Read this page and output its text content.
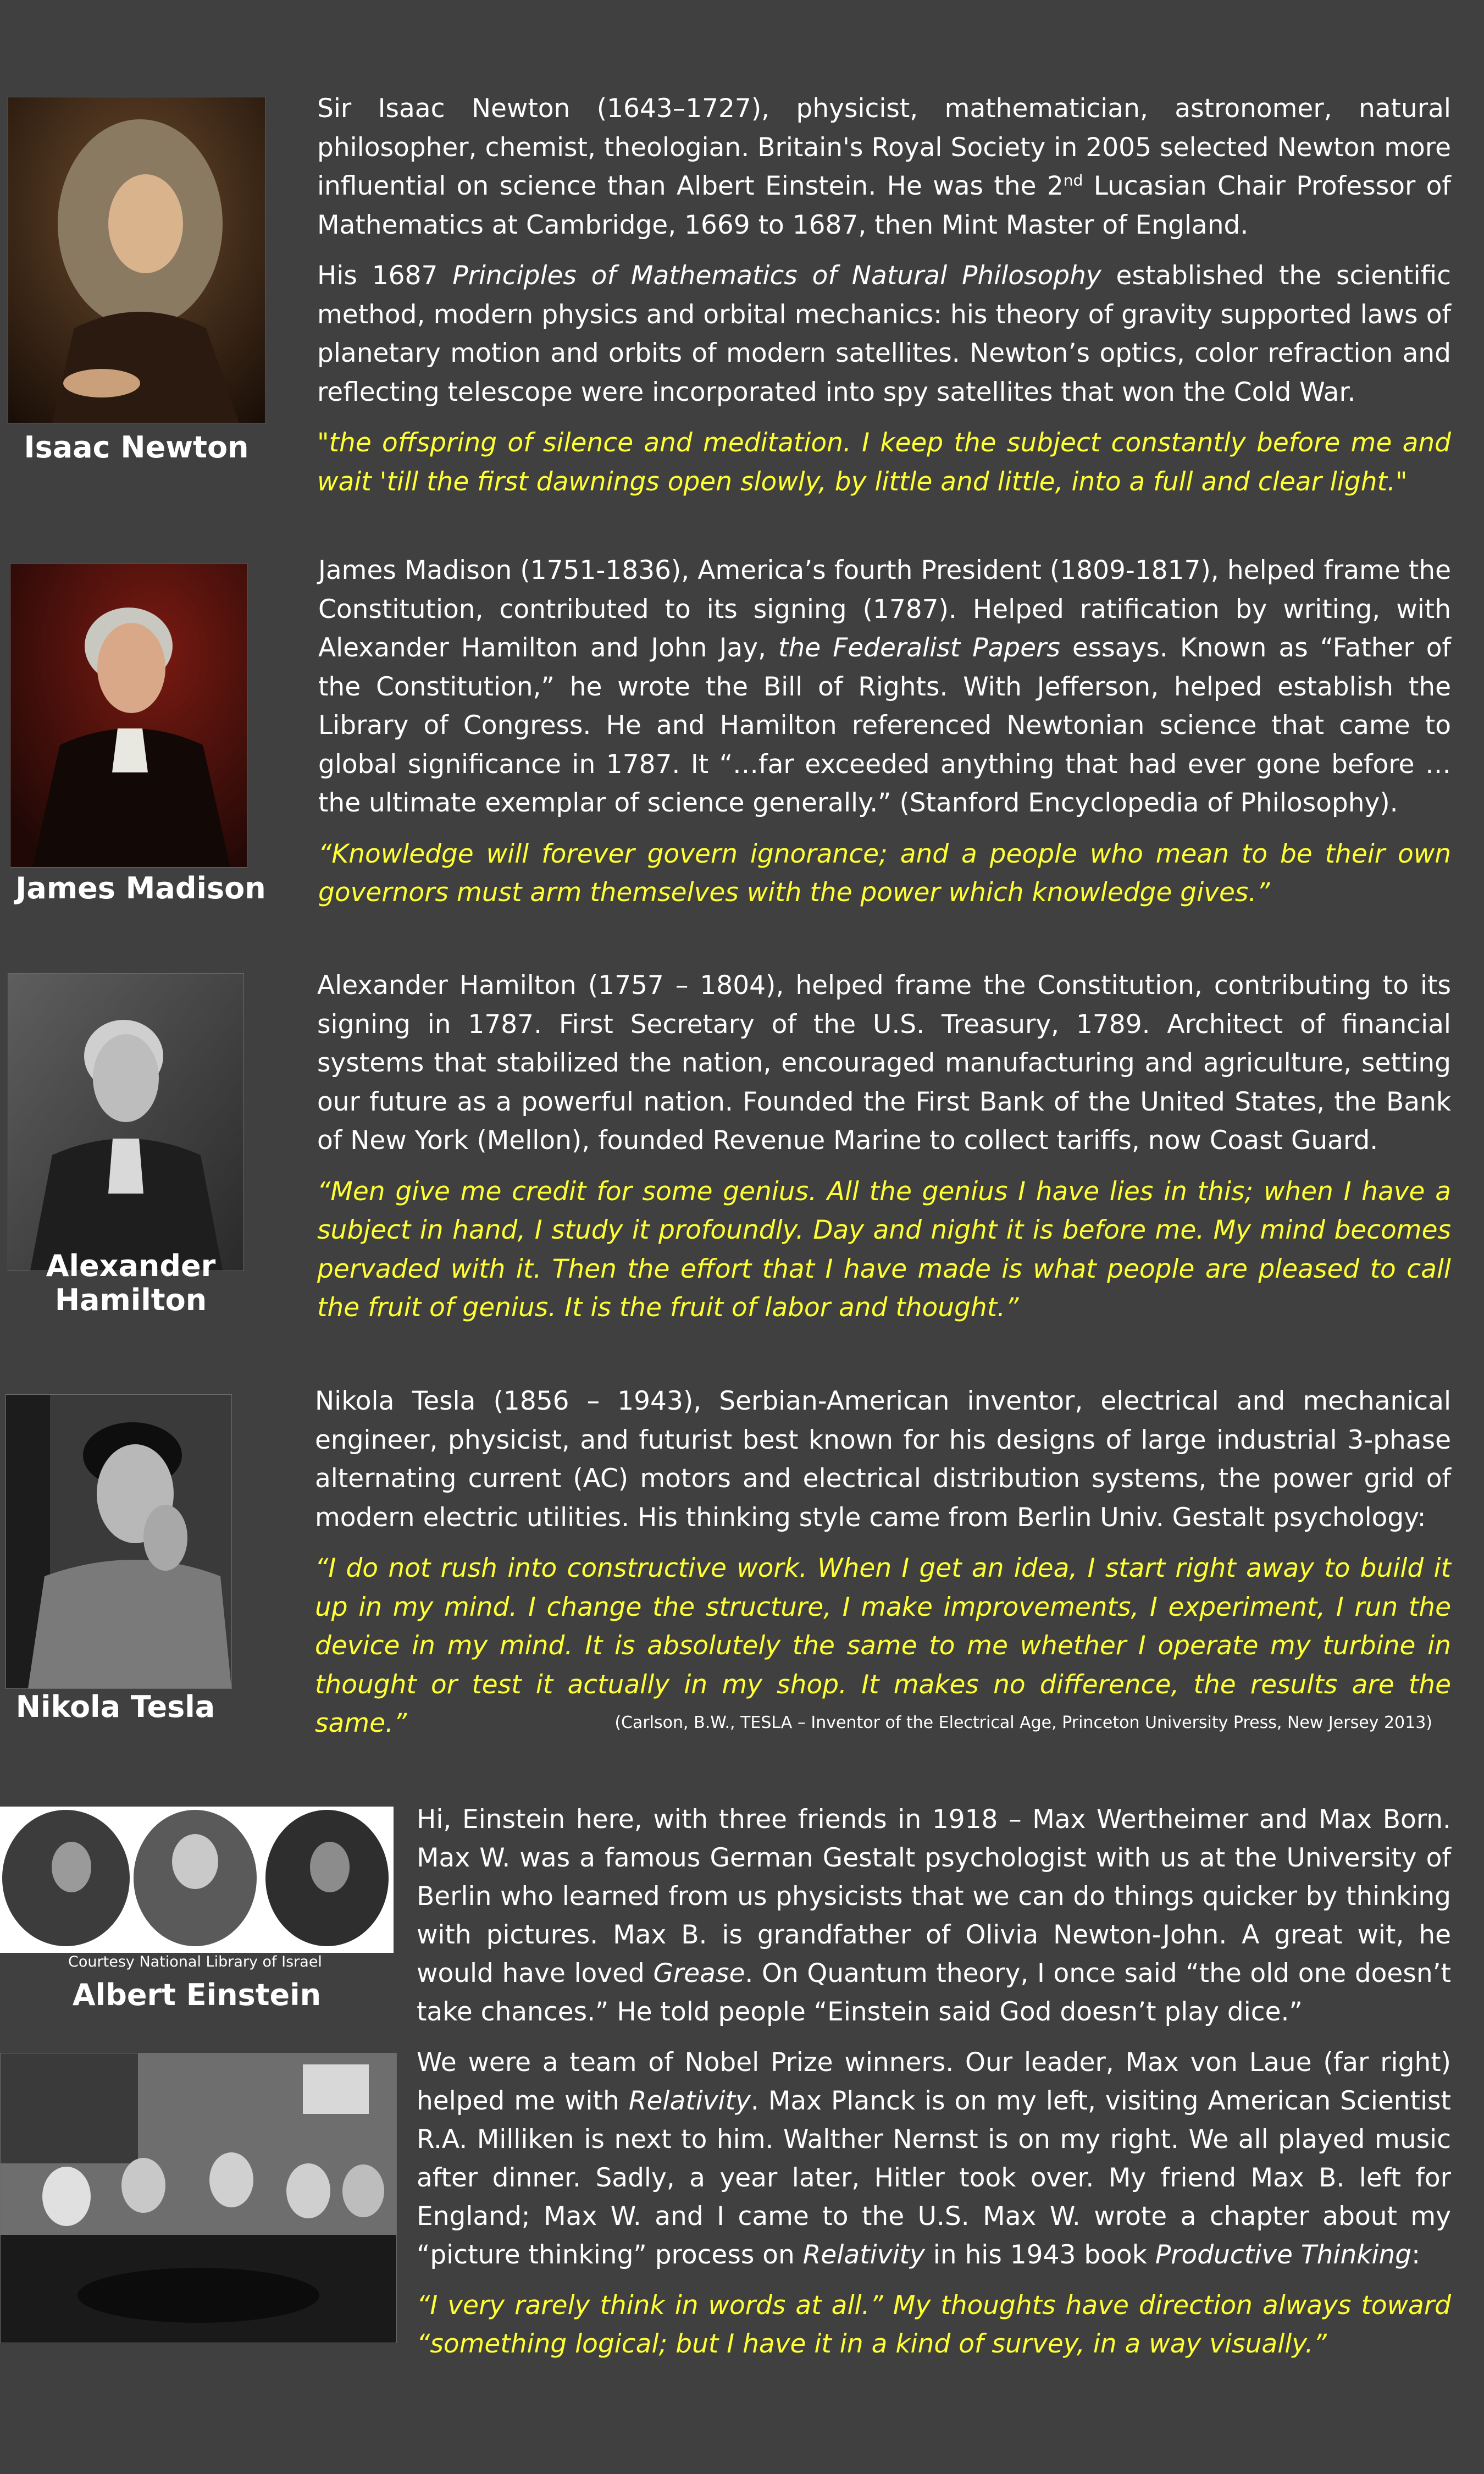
Isaac Newton

Sir Isaac Newton (1643–1727), physicist, mathematician, astronomer, natural philosopher, chemist, theologian. Britain's Royal Society in 2005 selected Newton more influential on science than Albert Einstein. He was the 2nd Lucasian Chair Professor of Mathematics at Cambridge, 1669 to 1687, then Mint Master of England.

His 1687 Principles of Mathematics of Natural Philosophy established the scientific method, modern physics and orbital mechanics: his theory of gravity supported laws of planetary motion and orbits of modern satellites. Newton’s optics, color refraction and reflecting telescope were incorporated into spy satellites that won the Cold War.

"the offspring of silence and meditation. I keep the subject constantly before me and wait 'till the first dawnings open slowly, by little and little, into a full and clear light."

James Madison

James Madison (1751-1836), America’s fourth President (1809-1817), helped frame the Constitution, contributed to its signing (1787). Helped ratification by writing, with Alexander Hamilton and John Jay, the Federalist Papers essays. Known as “Father of the Constitution,” he wrote the Bill of Rights. With Jefferson, helped establish the Library of Congress. He and Hamilton referenced Newtonian science that came to global significance in 1787. It “…far exceeded anything that had ever gone before …the ultimate exemplar of science generally.” (Stanford Encyclopedia of Philosophy).

“Knowledge will forever govern ignorance; and a people who mean to be their own governors must arm themselves with the power which knowledge gives.”

Alexander
Hamilton

Alexander Hamilton (1757 – 1804), helped frame the Constitution, contributing to its signing in 1787. First Secretary of the U.S. Treasury, 1789. Architect of financial systems that stabilized the nation, encouraged manufacturing and agriculture, setting our future as a powerful nation. Founded the First Bank of the United States, the Bank of New York (Mellon), founded Revenue Marine to collect tariffs, now Coast Guard.

“Men give me credit for some genius. All the genius I have lies in this; when I have a subject in hand, I study it profoundly. Day and night it is before me. My mind becomes pervaded with it. Then the effort that I have made is what people are pleased to call the fruit of genius. It is the fruit of labor and thought.”

Nikola Tesla

Nikola Tesla (1856 – 1943), Serbian-American inventor, electrical and mechanical engineer, physicist, and futurist best known for his designs of large industrial 3-phase alternating current (AC) motors and electrical distribution systems, the power grid of modern electric utilities. His thinking style came from Berlin Univ. Gestalt psychology:

“I do not rush into constructive work. When I get an idea, I start right away to build it up in my mind. I change the structure, I make improvements, I experiment, I run the device in my mind. It is absolutely the same to me whether I operate my turbine in thought or test it actually in my shop. It makes no difference, the results are the same.”	(Carlson, B.W., TESLA – Inventor of the Electrical Age, Princeton University Press, New Jersey 2013)
Courtesy National Library of Israel
Albert Einstein

Hi, Einstein here, with three friends in 1918 – Max Wertheimer and Max Born. Max W. was a famous German Gestalt psychologist with us at the University of Berlin who learned from us physicists that we can do things quicker by thinking with pictures. Max B. is grandfather of Olivia Newton-John. A great wit, he would have loved Grease. On Quantum theory, I once said “the old one doesn’t take chances.” He told people “Einstein said God doesn’t play dice.”

We were a team of Nobel Prize winners. Our leader, Max von Laue (far right) helped me with Relativity. Max Planck is on my left, visiting American Scientist R.A. Milliken is next to him. Walther Nernst is on my right. We all played music after dinner. Sadly, a year later, Hitler took over. My friend Max B. left for England; Max W. and I came to the U.S. Max W. wrote a chapter about my “picture thinking” process on Relativity in his 1943 book Productive Thinking:

“I very rarely think in words at all.” My thoughts have direction always toward “something logical; but I have it in a kind of survey, in a way visually.”
